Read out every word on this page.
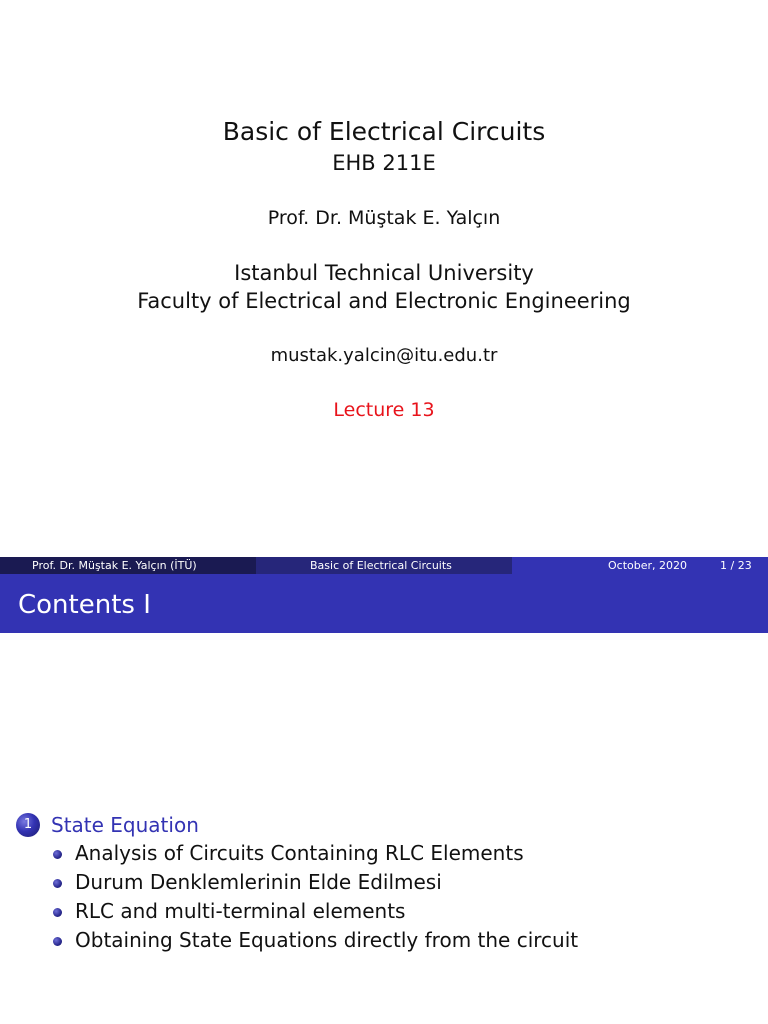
Basic of Electrical Circuits
EHB 211E
Prof. Dr. Müştak E. Yalçın
Istanbul Technical University
Faculty of Electrical and Electronic Engineering
mustak.yalcin@itu.edu.tr
Lecture 13
Prof. Dr. Müştak E. Yalçın (İTÜ)	Basic of Electrical Circuits	October, 2020	1 / 23
Contents I
1 State Equation
Analysis of Circuits Containing RLC Elements
Durum Denklemlerinin Elde Edilmesi
RLC and multi-terminal elements
Obtaining State Equations directly from the circuit
